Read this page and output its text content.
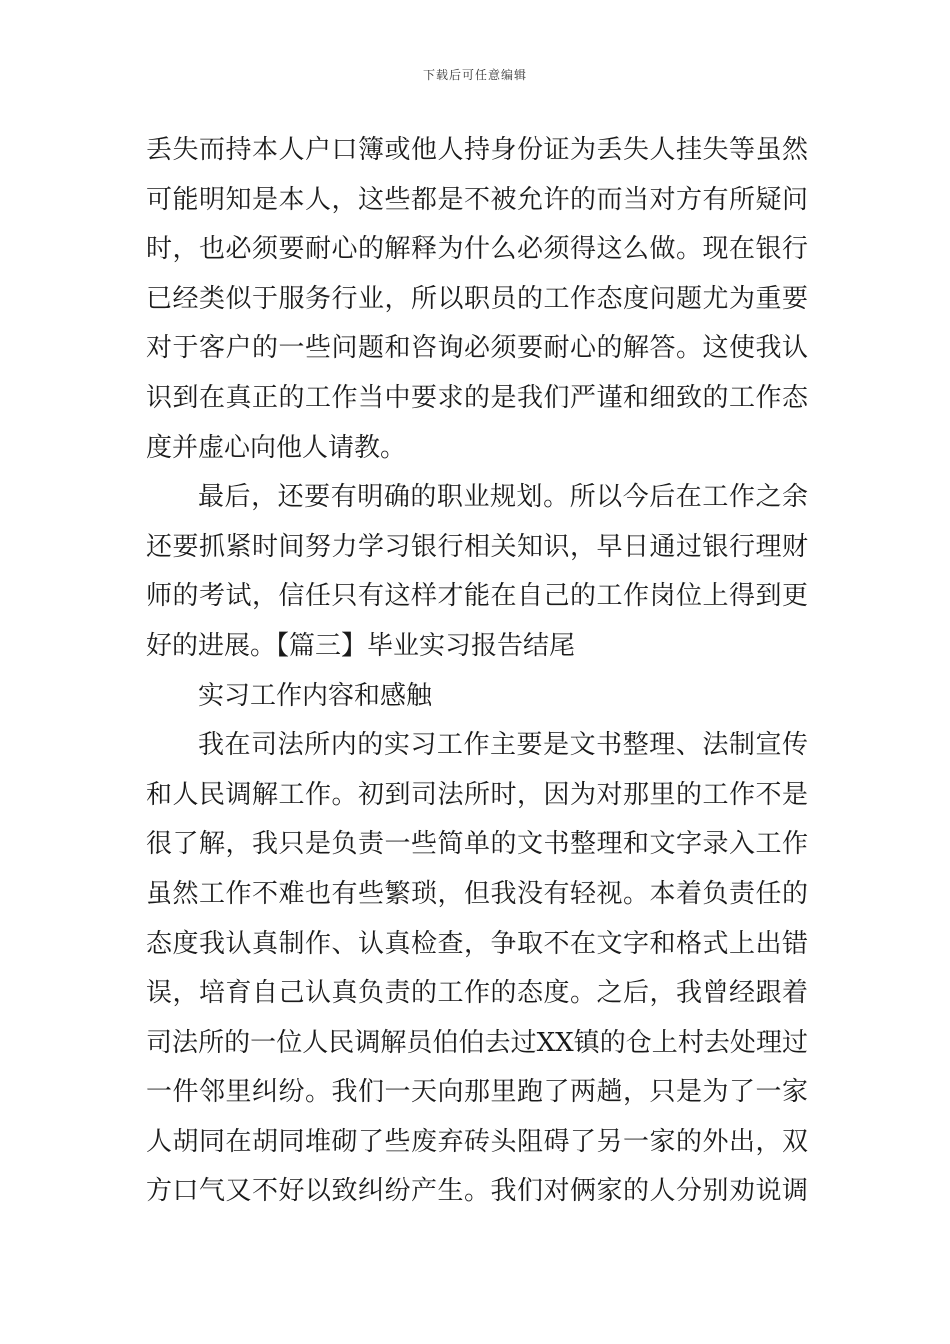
下载后可任意编辑
丢失而持本人户口簿或他人持身份证为丢失人挂失等虽然
可能明知是本人，这些都是不被允许的而当对方有所疑问
时，也必须要耐心的解释为什么必须得这么做。现在银行
已经类似于服务行业，所以职员的工作态度问题尤为重要
对于客户的一些问题和咨询必须要耐心的解答。这使我认
识到在真正的工作当中要求的是我们严谨和细致的工作态
度并虚心向他人请教。
最后，还要有明确的职业规划。所以今后在工作之余
还要抓紧时间努力学习银行相关知识，早日通过银行理财
师的考试，信任只有这样才能在自己的工作岗位上得到更
好的进展。【篇三】毕业实习报告结尾
实习工作内容和感触
我在司法所内的实习工作主要是文书整理、法制宣传
和人民调解工作。初到司法所时，因为对那里的工作不是
很了解，我只是负责一些简单的文书整理和文字录入工作
虽然工作不难也有些繁琐，但我没有轻视。本着负责任的
态度我认真制作、认真检查，争取不在文字和格式上出错
误，培育自己认真负责的工作的态度。之后，我曾经跟着
司法所的一位人民调解员伯伯去过XX镇的仓上村去处理过
一件邻里纠纷。我们一天向那里跑了两趟，只是为了一家
人胡同在胡同堆砌了些废弃砖头阻碍了另一家的外出，双
方口气又不好以致纠纷产生。我们对俩家的人分别劝说调
